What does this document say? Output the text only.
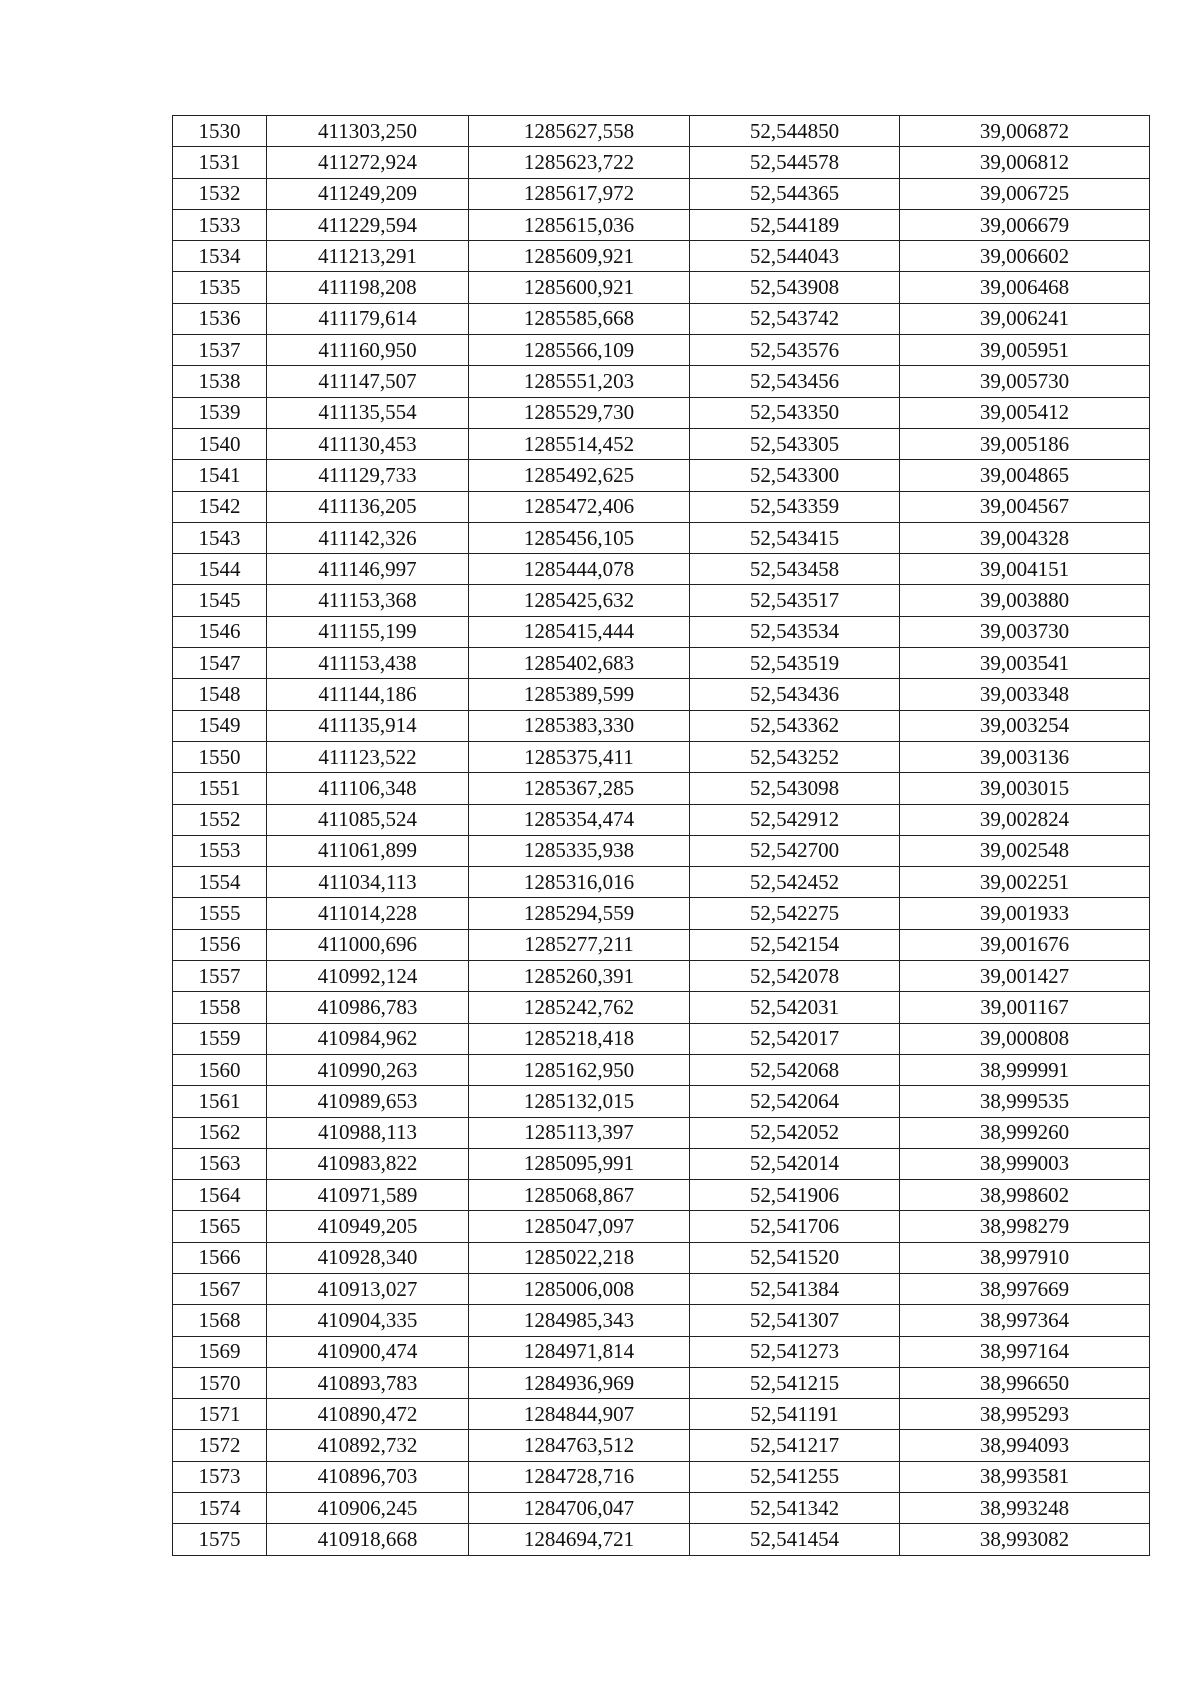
1530	411303,250	1285627,558	52,544850	39,006872
1531	411272,924	1285623,722	52,544578	39,006812
1532	411249,209	1285617,972	52,544365	39,006725
1533	411229,594	1285615,036	52,544189	39,006679
1534	411213,291	1285609,921	52,544043	39,006602
1535	411198,208	1285600,921	52,543908	39,006468
1536	411179,614	1285585,668	52,543742	39,006241
1537	411160,950	1285566,109	52,543576	39,005951
1538	411147,507	1285551,203	52,543456	39,005730
1539	411135,554	1285529,730	52,543350	39,005412
1540	411130,453	1285514,452	52,543305	39,005186
1541	411129,733	1285492,625	52,543300	39,004865
1542	411136,205	1285472,406	52,543359	39,004567
1543	411142,326	1285456,105	52,543415	39,004328
1544	411146,997	1285444,078	52,543458	39,004151
1545	411153,368	1285425,632	52,543517	39,003880
1546	411155,199	1285415,444	52,543534	39,003730
1547	411153,438	1285402,683	52,543519	39,003541
1548	411144,186	1285389,599	52,543436	39,003348
1549	411135,914	1285383,330	52,543362	39,003254
1550	411123,522	1285375,411	52,543252	39,003136
1551	411106,348	1285367,285	52,543098	39,003015
1552	411085,524	1285354,474	52,542912	39,002824
1553	411061,899	1285335,938	52,542700	39,002548
1554	411034,113	1285316,016	52,542452	39,002251
1555	411014,228	1285294,559	52,542275	39,001933
1556	411000,696	1285277,211	52,542154	39,001676
1557	410992,124	1285260,391	52,542078	39,001427
1558	410986,783	1285242,762	52,542031	39,001167
1559	410984,962	1285218,418	52,542017	39,000808
1560	410990,263	1285162,950	52,542068	38,999991
1561	410989,653	1285132,015	52,542064	38,999535
1562	410988,113	1285113,397	52,542052	38,999260
1563	410983,822	1285095,991	52,542014	38,999003
1564	410971,589	1285068,867	52,541906	38,998602
1565	410949,205	1285047,097	52,541706	38,998279
1566	410928,340	1285022,218	52,541520	38,997910
1567	410913,027	1285006,008	52,541384	38,997669
1568	410904,335	1284985,343	52,541307	38,997364
1569	410900,474	1284971,814	52,541273	38,997164
1570	410893,783	1284936,969	52,541215	38,996650
1571	410890,472	1284844,907	52,541191	38,995293
1572	410892,732	1284763,512	52,541217	38,994093
1573	410896,703	1284728,716	52,541255	38,993581
1574	410906,245	1284706,047	52,541342	38,993248
1575	410918,668	1284694,721	52,541454	38,993082
